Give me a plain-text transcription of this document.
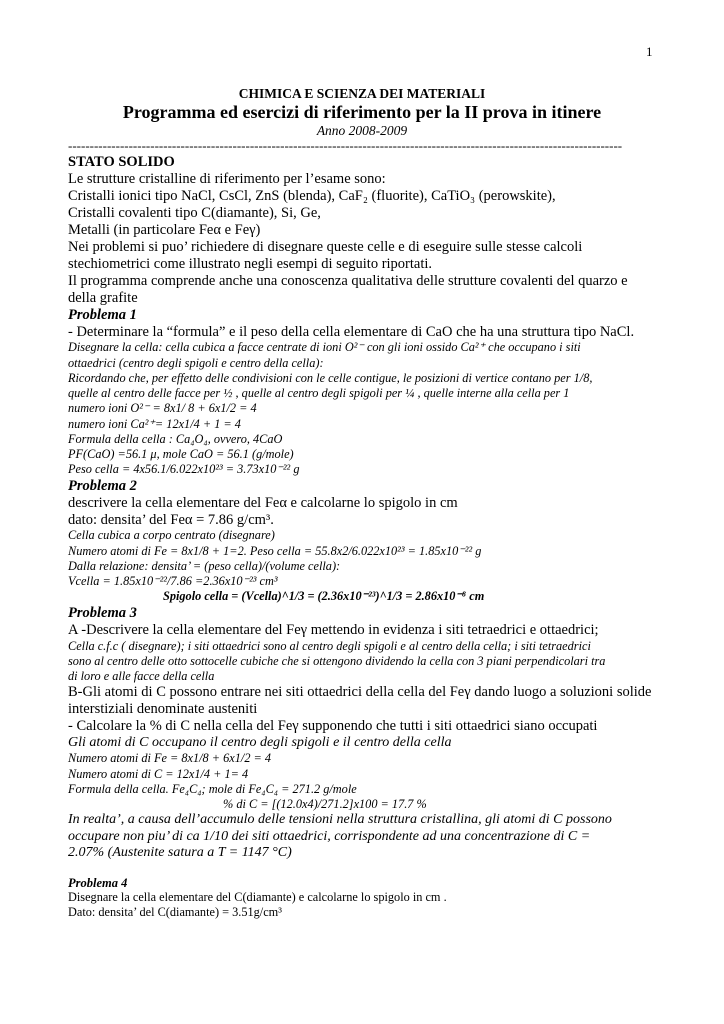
1
CHIMICA E SCIENZA DEI MATERIALI
Programma ed esercizi di riferimento per la II prova in itinere
Anno 2008-2009
--------------------------------------------------------------------------------------------------------------------------------
STATO SOLIDO
Le strutture cristalline di riferimento per l’esame sono:
Cristalli ionici tipo NaCl, CsCl, ZnS (blenda), CaF₂ (fluorite), CaTiO₃ (perowskite),
Cristalli covalenti tipo C(diamante), Si, Ge,
Metalli (in particolare Feα e Feγ)
Nei problemi si puo’ richiedere di disegnare queste celle e di eseguire sulle stesse calcoli
stechiometrici come illustrato negli esempi di seguito riportati.
Il programma comprende anche una conoscenza qualitativa delle strutture covalenti del quarzo e
della grafite
Problema 1
- Determinare la “formula” e il peso della cella elementare di CaO che ha una struttura tipo NaCl.
Disegnare la cella: cella cubica a facce centrate di ioni O²⁻ con gli ioni ossido Ca²⁺ che occupano i siti
ottaedrici (centro degli spigoli e centro della cella):
Ricordando che, per effetto delle condivisioni con le celle contigue, le posizioni di vertice contano per 1/8,
quelle al centro delle facce per ½ , quelle al centro degli spigoli per ¼ , quelle interne alla cella per 1
numero ioni O²⁻ = 8x1/ 8 + 6x1/2 = 4
numero ioni Ca²⁺= 12x1/4 + 1 = 4
Formula della cella : Ca₄O₄, ovvero, 4CaO
PF(CaO) =56.1 μ, mole CaO = 56.1 (g/mole)
Peso cella = 4x56.1/6.022x10²³ = 3.73x10⁻²² g
Problema 2
descrivere la cella elementare del Feα e calcolarne lo spigolo in cm
dato: densita’ del Feα = 7.86 g/cm³.
Cella cubica a corpo centrato (disegnare)
Numero atomi di Fe = 8x1/8 + 1=2. Peso cella = 55.8x2/6.022x10²³ = 1.85x10⁻²² g
Dalla relazione: densita’ = (peso cella)/(volume cella):
Vcella = 1.85x10⁻²²/7.86 =2.36x10⁻²³ cm³
Spigolo cella = (Vcella)^1/3 = (2.36x10⁻²³)^1/3 = 2.86x10⁻⁸ cm
Problema 3
A -Descrivere la cella elementare del Feγ mettendo in evidenza i siti tetraedrici e ottaedrici;
Cella c.f.c ( disegnare); i siti ottaedrici sono al centro degli spigoli e al centro della cella; i siti tetraedrici
sono al centro delle otto sottocelle cubiche che si ottengono dividendo la cella con 3 piani perpendicolari tra
di loro e alle facce della cella
B-Gli atomi di C possono entrare nei siti ottaedrici della cella del Feγ dando luogo a soluzioni solide
interstiziali denominate austeniti
- Calcolare la % di C nella cella del Feγ supponendo che tutti i siti ottaedrici siano occupati
Gli atomi di C occupano il centro degli spigoli e il centro della cella
Numero atomi di Fe = 8x1/8 + 6x1/2 = 4
Numero atomi di C = 12x1/4 + 1= 4
Formula della cella. Fe₄C₄; mole di Fe₄C₄ = 271.2 g/mole
% di C = [(12.0x4)/271.2]x100 = 17.7 %
In realta’, a causa dell’accumulo delle tensioni nella struttura cristallina, gli atomi di C possono
occupare non piu’ di ca 1/10 dei siti ottaedrici, corrispondente ad una concentrazione di C =
2.07% (Austenite satura a T = 1147 °C)
Problema 4
Disegnare la cella elementare del C(diamante) e calcolarne lo spigolo in cm .
Dato: densita’ del C(diamante) = 3.51g/cm³
